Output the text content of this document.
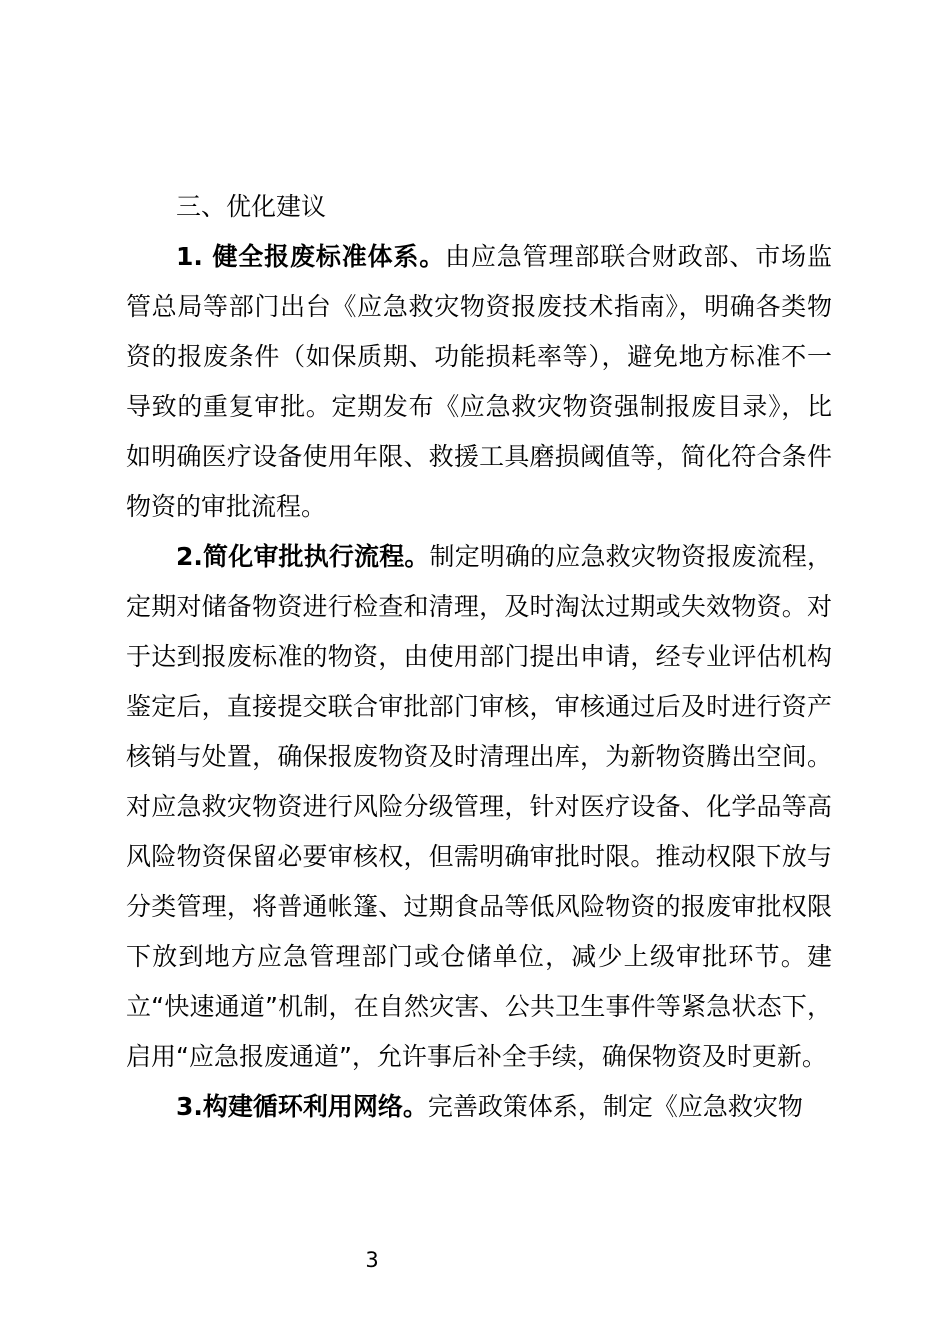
三、优化建议

1. 健全报废标准体系。由应急管理部联合财政部、市场监管总局等部门出台《应急救灾物资报废技术指南》，明确各类物资的报废条件（如保质期、功能损耗率等），避免地方标准不一导致的重复审批。定期发布《应急救灾物资强制报废目录》，比如明确医疗设备使用年限、救援工具磨损阈值等，简化符合条件物资的审批流程。

2.简化审批执行流程。制定明确的应急救灾物资报废流程，定期对储备物资进行检查和清理，及时淘汰过期或失效物资。对于达到报废标准的物资，由使用部门提出申请，经专业评估机构鉴定后，直接提交联合审批部门审核，审核通过后及时进行资产核销与处置，确保报废物资及时清理出库，为新物资腾出空间。对应急救灾物资进行风险分级管理，针对医疗设备、化学品等高风险物资保留必要审核权，但需明确审批时限。推动权限下放与分类管理，将普通帐篷、过期食品等低风险物资的报废审批权限下放到地方应急管理部门或仓储单位，减少上级审批环节。建立“快速通道”机制，在自然灾害、公共卫生事件等紧急状态下，启用“应急报废通道”，允许事后补全手续，确保物资及时更新。

3.构建循环利用网络。完善政策体系，制定《应急救灾物

3
